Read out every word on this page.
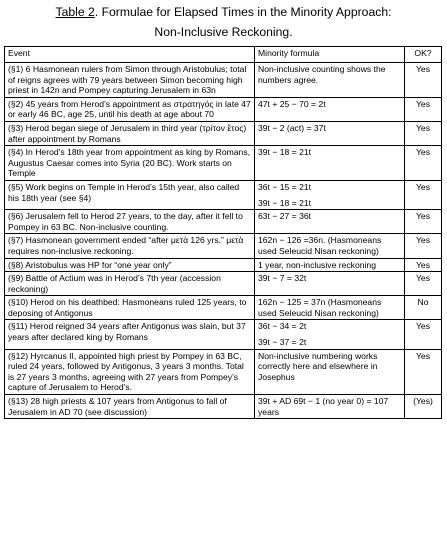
Table 2. Formulae for Elapsed Times in the Minority Approach:

Non-Inclusive Reckoning.

Event	Minority formula	OK?
(§1) 6 Hasmonean rulers from Simon through Aristobulus; total of reigns agrees with 79 years between Simon becoming high priest in 142n and Pompey capturing Jerusalem in 63n	Non-inclusive counting shows the numbers agree.	Yes
(§2) 45 years from Herod’s appointment as στρατηγός in late 47 or early 46 BC, age 25, until his death at age about 70	47t + 25 − 70 = 2t	Yes
(§3) Herod began siege of Jerusalem in third year (τρίτον ἔτος) after appointment by Romans	39t − 2 (act) = 37t	Yes
(§4) In Herod’s 18th year from appointment as king by Romans, Augustus Caesar comes into Syria (20 BC). Work starts on Temple	39t − 18 = 21t	Yes
(§5) Work begins on Temple in Herod’s 15th year, also called his 18th year (see §4)	36t − 15 = 21t
39t − 18 = 21t	Yes
(§6) Jerusalem fell to Herod 27 years, to the day, after it fell to Pompey in 63 BC. Non-inclusive counting.	63t − 27 = 36t	Yes
(§7) Hasmonean government ended “after μετὰ 126 yrs.” μετὰ requires non-inclusive reckoning.	162n − 126 =36n. (Hasmoneans used Seleucid Nisan reckoning)	Yes
(§8) Aristobulus was HP for “one year only”	1 year, non-inclusive reckoning	Yes
(§9) Battle of Actium was in Herod’s 7th year (accession reckoning)	39t − 7 = 32t	Yes
(§10) Herod on his deathbed: Hasmoneans ruled 125 years, to deposing of Antigonus	162n − 125 = 37n (Hasmoneans used Seleucid Nisan reckoning)	No
(§11) Herod reigned 34 years after Antigonus was slain, but 37 years after declared king by Romans	36t − 34 = 2t
39t − 37 = 2t	Yes
(§12) Hyrcanus II, appointed high priest by Pompey in 63 BC, ruled 24 years, followed by Antigonus, 3 years 3 months. Total is 27 years 3 months, agreeing with 27 years from Pompey’s capture of Jerusalem to Herod’s.	Non-inclusive numbering works correctly here and elsewhere in Josephus	Yes
(§13) 28 high priests & 107 years from Antigonus to fall of Jerusalem in AD 70 (see discussion)	39t + AD 69t − 1 (no year 0) = 107 years	(Yes)
